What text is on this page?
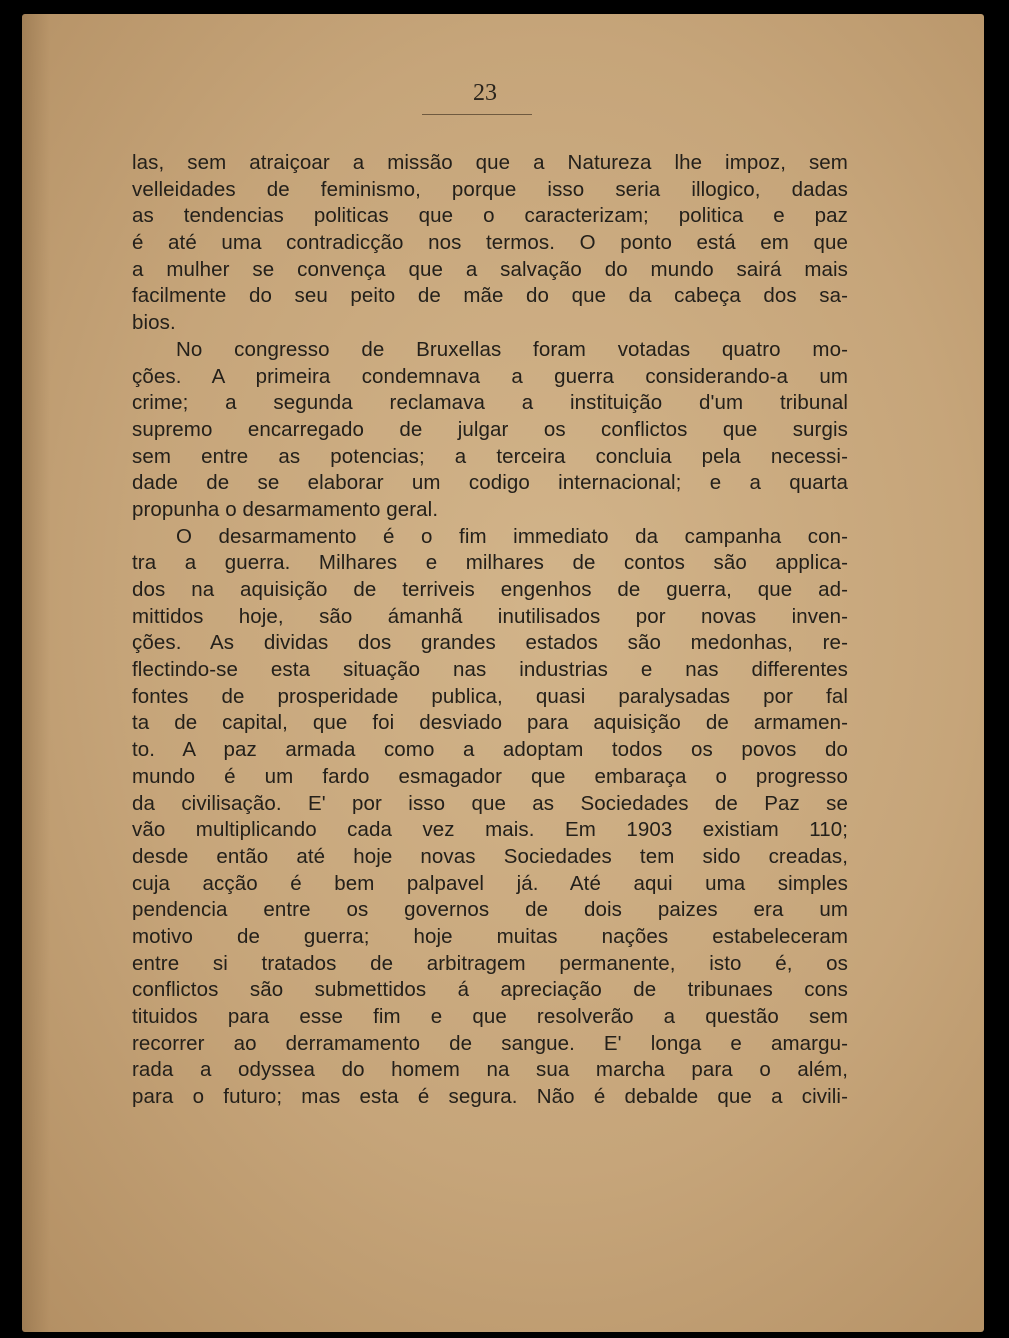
23
las, sem atraiçoar a missão que a Natureza lhe impoz, sem
velleidades de feminismo, porque isso seria illogico, dadas
as tendencias politicas que o caracterizam; politica e paz
é até uma contradicção nos termos. O ponto está em que
a mulher se convença que a salvação do mundo sairá mais
facilmente do seu peito de mãe do que da cabeça dos sa-
bios.
No congresso de Bruxellas foram votadas quatro mo-
ções. A primeira condemnava a guerra considerando-a um
crime; a segunda reclamava a instituição d'um tribunal
supremo encarregado de julgar os conflictos que surgis
sem entre as potencias; a terceira concluia pela necessi-
dade de se elaborar um codigo internacional; e a quarta
propunha o desarmamento geral.
O desarmamento é o fim immediato da campanha con-
tra a guerra. Milhares e milhares de contos são applica-
dos na aquisição de terriveis engenhos de guerra, que ad-
mittidos hoje, são ámanhã inutilisados por novas inven-
ções. As dividas dos grandes estados são medonhas, re-
flectindo-se esta situação nas industrias e nas differentes
fontes de prosperidade publica, quasi paralysadas por fal
ta de capital, que foi desviado para aquisição de armamen-
to. A paz armada como a adoptam todos os povos do
mundo é um fardo esmagador que embaraça o progresso
da civilisação. E' por isso que as Sociedades de Paz se
vão multiplicando cada vez mais. Em 1903 existiam 110;
desde então até hoje novas Sociedades tem sido creadas,
cuja acção é bem palpavel já. Até aqui uma simples
pendencia entre os governos de dois paizes era um
motivo de guerra; hoje muitas nações estabeleceram
entre si tratados de arbitragem permanente, isto é, os
conflictos são submettidos á apreciação de tribunaes cons
tituidos para esse fim e que resolverão a questão sem
recorrer ao derramamento de sangue. E' longa e amargu-
rada a odyssea do homem na sua marcha para o além,
para o futuro; mas esta é segura. Não é debalde que a civili-
